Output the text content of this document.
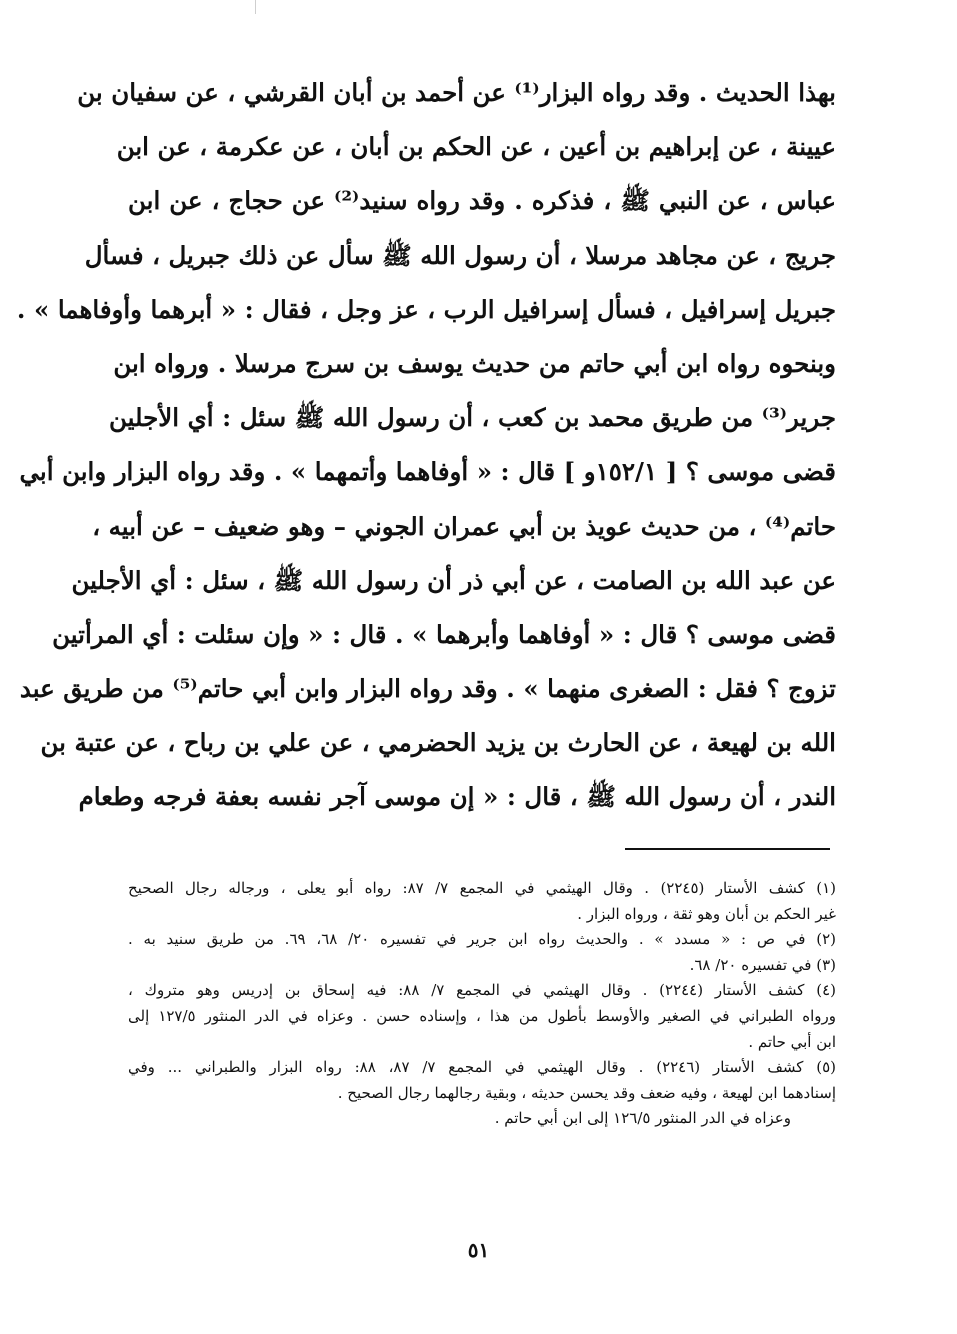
بهذا الحديث . وقد رواه البزار⁽¹⁾ عن أحمد بن أبان القرشي ، عن سفيان بن
عيينة ، عن إبراهيم بن أعين ، عن الحكم بن أبان ، عن عكرمة ، عن ابن
عباس ، عن النبي ﷺ ، فذكره . وقد رواه سنيد⁽²⁾ عن حجاج ، عن ابن
جريج ، عن مجاهد مرسلا ، أن رسول الله ﷺ سأل عن ذلك جبريل ، فسأل
جبريل إسرافيل ، فسأل إسرافيل الرب ، عز وجل ، فقال : « أبرهما وأوفاهما » .
وبنحوه رواه ابن أبي حاتم من حديث يوسف بن سرج مرسلا . ورواه ابن
جرير⁽³⁾ من طريق محمد بن كعب ، أن رسول الله ﷺ سئل : أي الأجلين
قضى موسى ؟ [ ١٥٢/١و ] قال : « أوفاهما وأتمهما » . وقد رواه البزار وابن أبي
حاتم⁽⁴⁾ ، من حديث عويذ بن أبي عمران الجوني – وهو ضعيف – عن أبيه ،
عن عبد الله بن الصامت ، عن أبي ذر أن رسول الله ﷺ ، سئل : أي الأجلين
قضى موسى ؟ قال : « أوفاهما وأبرهما » . قال : « وإن سئلت : أي المرأتين
تزوج ؟ فقل : الصغرى منهما » . وقد رواه البزار وابن أبي حاتم⁽⁵⁾ من طريق عبد
الله بن لهيعة ، عن الحارث بن يزيد الحضرمي ، عن علي بن رباح ، عن عتبة بن
الندر ، أن رسول الله ﷺ ، قال : « إن موسى آجر نفسه بعفة فرجه وطعام
(١) كشف الأستار (٢٢٤٥) . وقال الهيثمي في المجمع ٧/ ٨٧: رواه أبو يعلى ، ورجاله رجال الصحيح
غير الحكم بن أبان وهو ثقة ، ورواه البزار .
(٢) في ص : « مسدد » . والحديث رواه ابن جرير في تفسيره ٢٠/ ٦٨، ٦٩. من طريق سنيد به .
(٣) في تفسيره ٢٠/ ٦٨.
(٤) كشف الأستار (٢٢٤٤) . وقال الهيثمي في المجمع ٧/ ٨٨: فيه إسحاق بن إدريس وهو متروك ،
ورواه الطبراني في الصغير والأوسط بأطول من هذا ، وإسناده حسن . وعزاه في الدر المنثور ١٢٧/٥ إلى
ابن أبي حاتم .
(٥) كشف الأستار (٢٢٤٦) . وقال الهيثمي في المجمع ٧/ ٨٧، ٨٨: رواه البزار والطبراني ... وفي
إسنادهما ابن لهيعة ، وفيه ضعف وقد يحسن حديثه ، وبقية رجالهما رجال الصحيح .
وعزاه في الدر المنثور ١٢٦/٥ إلى ابن أبي حاتم .
٥١
